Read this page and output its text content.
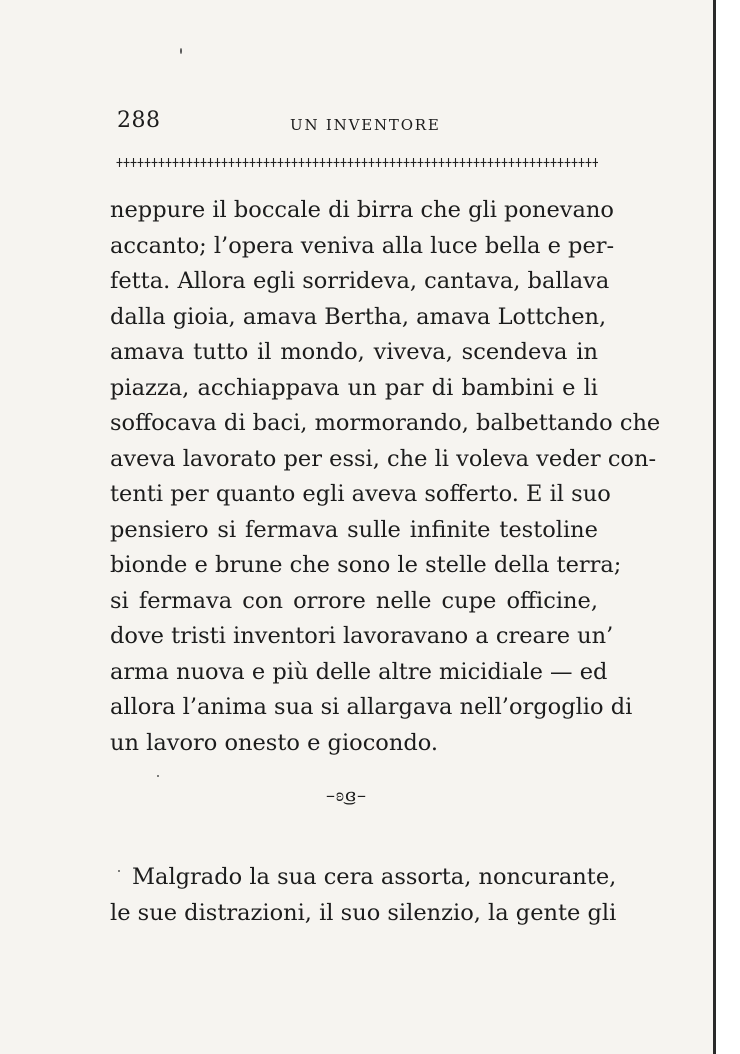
288	UN INVENTORE
neppure il boccale di birra che gli ponevano
accanto; l’opera veniva alla luce bella e per-
fetta. Allora egli sorrideva, cantava, ballava
dalla gioia, amava Bertha, amava Lottchen,
amava tutto il mondo, viveva, scendeva in
piazza, acchiappava un par di bambini e li
soffocava di baci, mormorando, balbettando che
aveva lavorato per essi, che li voleva veder con-
tenti per quanto egli aveva sofferto. E il suo
pensiero si fermava sulle infinite testoline
bionde e brune che sono le stelle della terra;
si fermava con orrore nelle cupe officine,
dove tristi inventori lavoravano a creare un’
arma nuova e più delle altre micidiale — ed
allora l’anima sua si allargava nell’orgoglio di
un lavoro onesto e giocondo.
–ʚ͜ɞ–
Malgrado la sua cera assorta, noncurante,
le sue distrazioni, il suo silenzio, la gente gli
